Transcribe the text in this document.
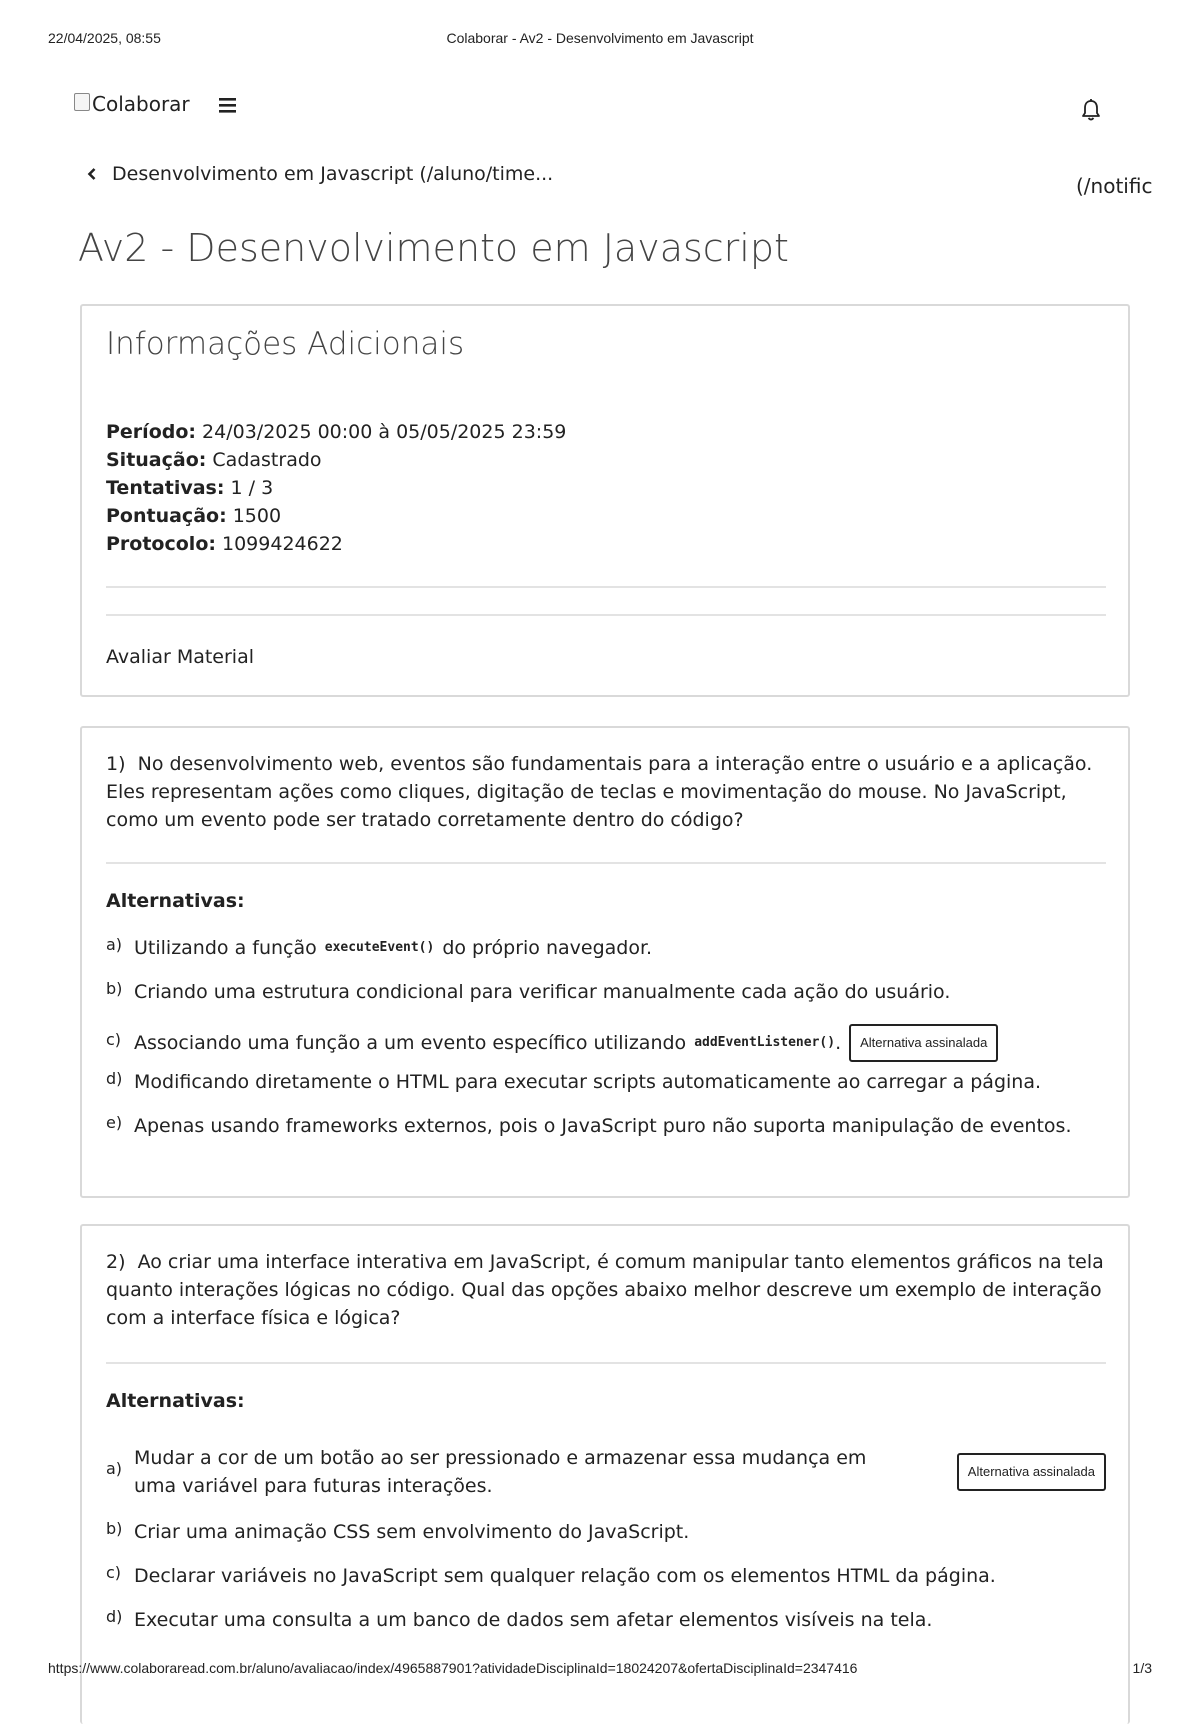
22/04/2025, 08:55	Colaborar - Av2 - Desenvolvimento em Javascript
Colaborar
Desenvolvimento em Javascript (/aluno/time...	(/notific
Av2 - Desenvolvimento em Javascript
Informações Adicionais
Período: 24/03/2025 00:00 à 05/05/2025 23:59
Situação: Cadastrado
Tentativas: 1 / 3
Pontuação: 1500
Protocolo: 1099424622
Avaliar Material
1) No desenvolvimento web, eventos são fundamentais para a interação entre o usuário e a aplicação. Eles representam ações como cliques, digitação de teclas e movimentação do mouse. No JavaScript, como um evento pode ser tratado corretamente dentro do código?
Alternativas:
a) Utilizando a função executeEvent() do próprio navegador.
b) Criando uma estrutura condicional para verificar manualmente cada ação do usuário.
c) Associando uma função a um evento específico utilizando addEventListener() .	Alternativa assinalada
d) Modificando diretamente o HTML para executar scripts automaticamente ao carregar a página.
e) Apenas usando frameworks externos, pois o JavaScript puro não suporta manipulação de eventos.
2) Ao criar uma interface interativa em JavaScript, é comum manipular tanto elementos gráficos na tela quanto interações lógicas no código. Qual das opções abaixo melhor descreve um exemplo de interação com a interface física e lógica?
Alternativas:
a) Mudar a cor de um botão ao ser pressionado e armazenar essa mudança em uma variável para futuras interações.
Alternativa assinalada
b) Criar uma animação CSS sem envolvimento do JavaScript.
c) Declarar variáveis no JavaScript sem qualquer relação com os elementos HTML da página.
d) Executar uma consulta a um banco de dados sem afetar elementos visíveis na tela.
https://www.colaboraread.com.br/aluno/avaliacao/index/4965887901?atividadeDisciplinaId=18024207&ofertaDisciplinaId=2347416	1/3
